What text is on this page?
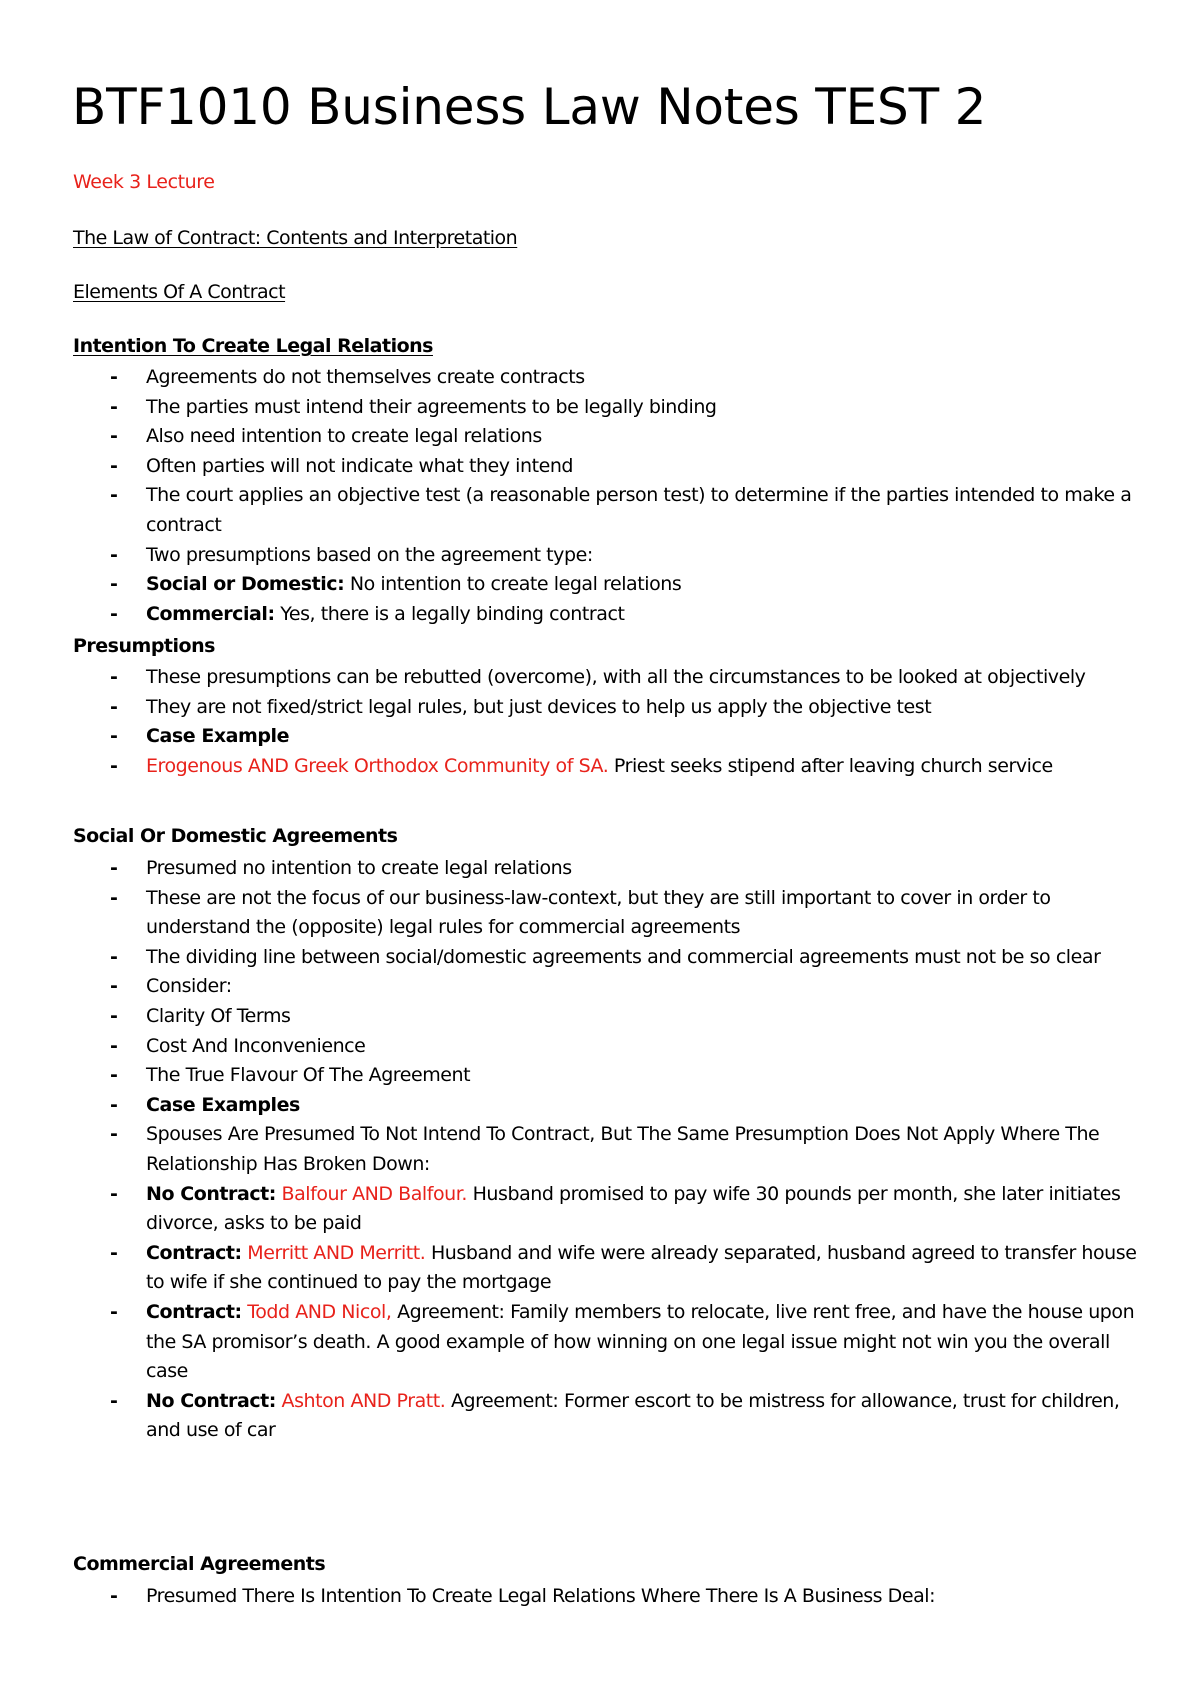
BTF1010 Business Law Notes TEST 2
Week 3 Lecture
The Law of Contract: Contents and Interpretation
Elements Of A Contract
Intention To Create Legal Relations
- Agreements do not themselves create contracts
- The parties must intend their agreements to be legally binding
- Also need intention to create legal relations
- Often parties will not indicate what they intend
- The court applies an objective test (a reasonable person test) to determine if the parties intended to make a contract
- Two presumptions based on the agreement type:
- Social or Domestic: No intention to create legal relations
- Commercial: Yes, there is a legally binding contract
Presumptions
- These presumptions can be rebutted (overcome), with all the circumstances to be looked at objectively
- They are not fixed/strict legal rules, but just devices to help us apply the objective test
- Case Example
- Erogenous AND Greek Orthodox Community of SA. Priest seeks stipend after leaving church service
Social Or Domestic Agreements
- Presumed no intention to create legal relations
- These are not the focus of our business-law-context, but they are still important to cover in order to understand the (opposite) legal rules for commercial agreements
- The dividing line between social/domestic agreements and commercial agreements must not be so clear
- Consider:
- Clarity Of Terms
- Cost And Inconvenience
- The True Flavour Of The Agreement
- Case Examples
- Spouses Are Presumed To Not Intend To Contract, But The Same Presumption Does Not Apply Where The Relationship Has Broken Down:
- No Contract: Balfour AND Balfour. Husband promised to pay wife 30 pounds per month, she later initiates divorce, asks to be paid
- Contract: Merritt AND Merritt. Husband and wife were already separated, husband agreed to transfer house to wife if she continued to pay the mortgage
- Contract: Todd AND Nicol, Agreement: Family members to relocate, live rent free, and have the house upon the SA promisor’s death. A good example of how winning on one legal issue might not win you the overall case
- No Contract: Ashton AND Pratt. Agreement: Former escort to be mistress for allowance, trust for children, and use of car
Commercial Agreements
- Presumed There Is Intention To Create Legal Relations Where There Is A Business Deal:
